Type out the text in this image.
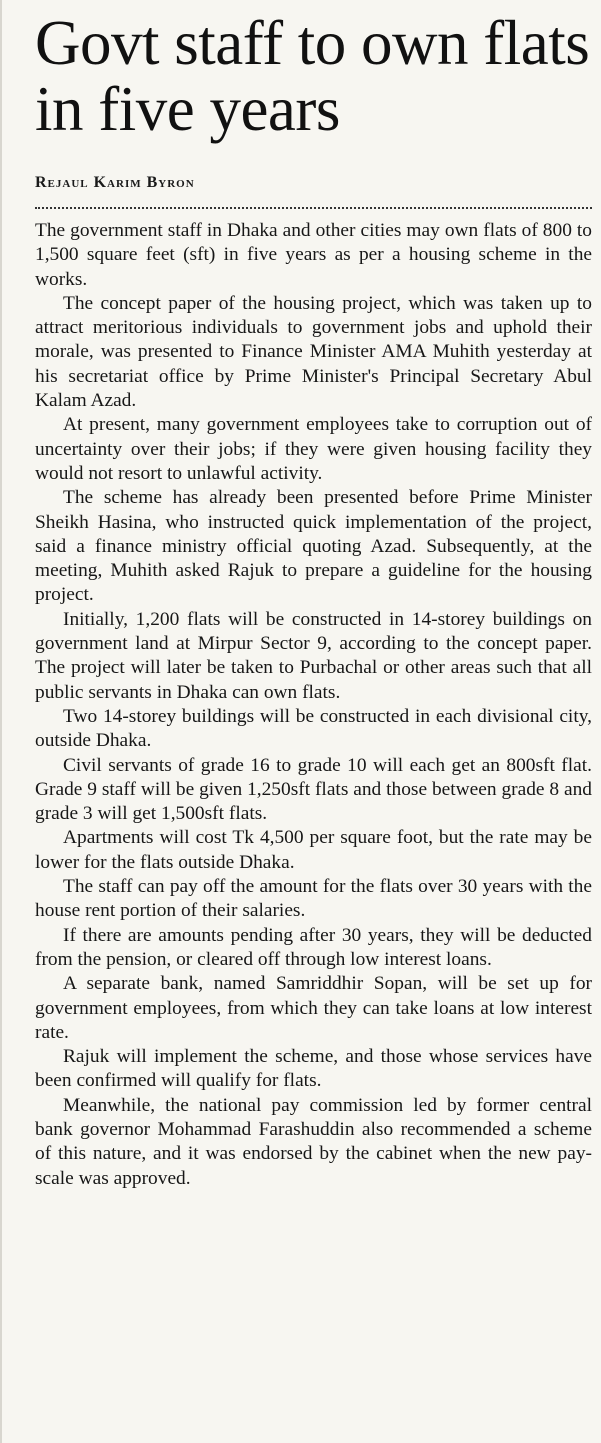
Govt staff to own flats in five years
Rejaul Karim Byron

The government staff in Dhaka and other cities may own flats of 800 to 1,500 square feet (sft) in five years as per a housing scheme in the works.

The concept paper of the housing project, which was taken up to attract meritorious individuals to government jobs and uphold their morale, was presented to Finance Minister AMA Muhith yesterday at his secretariat office by Prime Minister's Principal Secretary Abul Kalam Azad.

At present, many government employees take to corruption out of uncertainty over their jobs; if they were given housing facility they would not resort to unlawful activity.

The scheme has already been presented before Prime Minister Sheikh Hasina, who instructed quick implementation of the project, said a finance ministry official quoting Azad. Subsequently, at the meeting, Muhith asked Rajuk to prepare a guideline for the housing project.

Initially, 1,200 flats will be constructed in 14-storey buildings on government land at Mirpur Sector 9, according to the concept paper. The project will later be taken to Purbachal or other areas such that all public servants in Dhaka can own flats.

Two 14-storey buildings will be constructed in each divisional city, outside Dhaka.

Civil servants of grade 16 to grade 10 will each get an 800sft flat. Grade 9 staff will be given 1,250sft flats and those between grade 8 and grade 3 will get 1,500sft flats.

Apartments will cost Tk 4,500 per square foot, but the rate may be lower for the flats outside Dhaka.

The staff can pay off the amount for the flats over 30 years with the house rent portion of their salaries.

If there are amounts pending after 30 years, they will be deducted from the pension, or cleared off through low interest loans.

A separate bank, named Samriddhir Sopan, will be set up for government employees, from which they can take loans at low interest rate.

Rajuk will implement the scheme, and those whose services have been confirmed will qualify for flats.

Meanwhile, the national pay commission led by former central bank governor Mohammad Farashuddin also recommended a scheme of this nature, and it was endorsed by the cabinet when the new pay-scale was approved.
